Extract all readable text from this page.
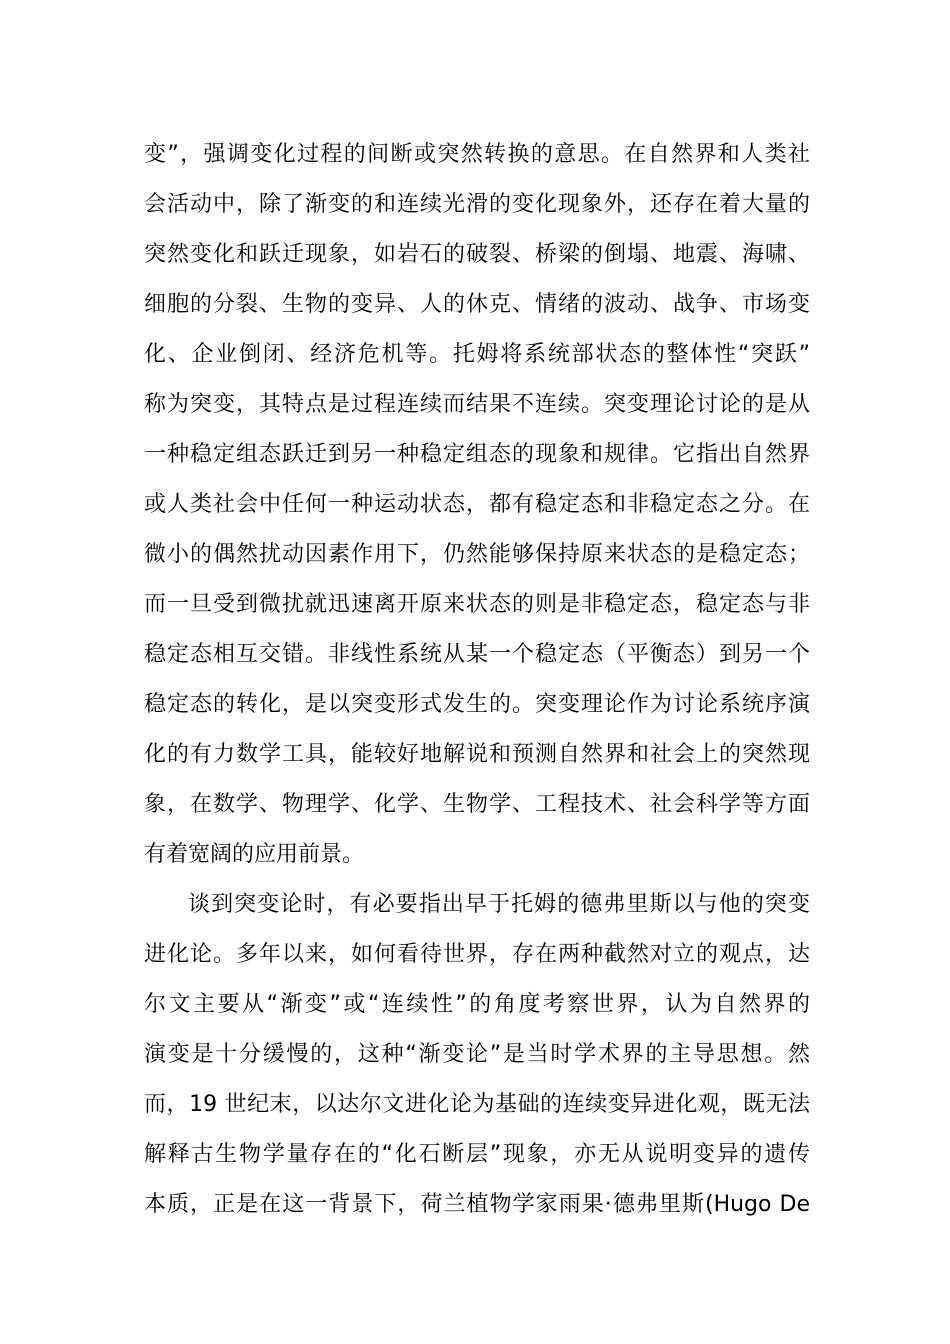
变”，强调变化过程的间断或突然转换的意思。在自然界和人类社
会活动中，除了渐变的和连续光滑的变化现象外，还存在着大量的
突然变化和跃迁现象，如岩石的破裂、桥梁的倒塌、地震、海啸、
细胞的分裂、生物的变异、人的休克、情绪的波动、战争、市场变
化、企业倒闭、经济危机等。托姆将系统部状态的整体性“突跃”
称为突变，其特点是过程连续而结果不连续。突变理论讨论的是从
一种稳定组态跃迁到另一种稳定组态的现象和规律。它指出自然界
或人类社会中任何一种运动状态，都有稳定态和非稳定态之分。在
微小的偶然扰动因素作用下，仍然能够保持原来状态的是稳定态；
而一旦受到微扰就迅速离开原来状态的则是非稳定态，稳定态与非
稳定态相互交错。非线性系统从某一个稳定态（平衡态）到另一个
稳定态的转化，是以突变形式发生的。突变理论作为讨论系统序演
化的有力数学工具，能较好地解说和预测自然界和社会上的突然现
象，在数学、物理学、化学、生物学、工程技术、社会科学等方面
有着宽阔的应用前景。
谈到突变论时，有必要指出早于托姆的德弗里斯以与他的突变
进化论。多年以来，如何看待世界，存在两种截然对立的观点，达
尔文主要从“渐变”或“连续性”的角度考察世界，认为自然界的
演变是十分缓慢的，这种“渐变论”是当时学术界的主导思想。然
而，19 世纪末，以达尔文进化论为基础的连续变异进化观，既无法
解释古生物学量存在的“化石断层”现象，亦无从说明变异的遗传
本质，正是在这一背景下，荷兰植物学家雨果·德弗里斯(Hugo De
